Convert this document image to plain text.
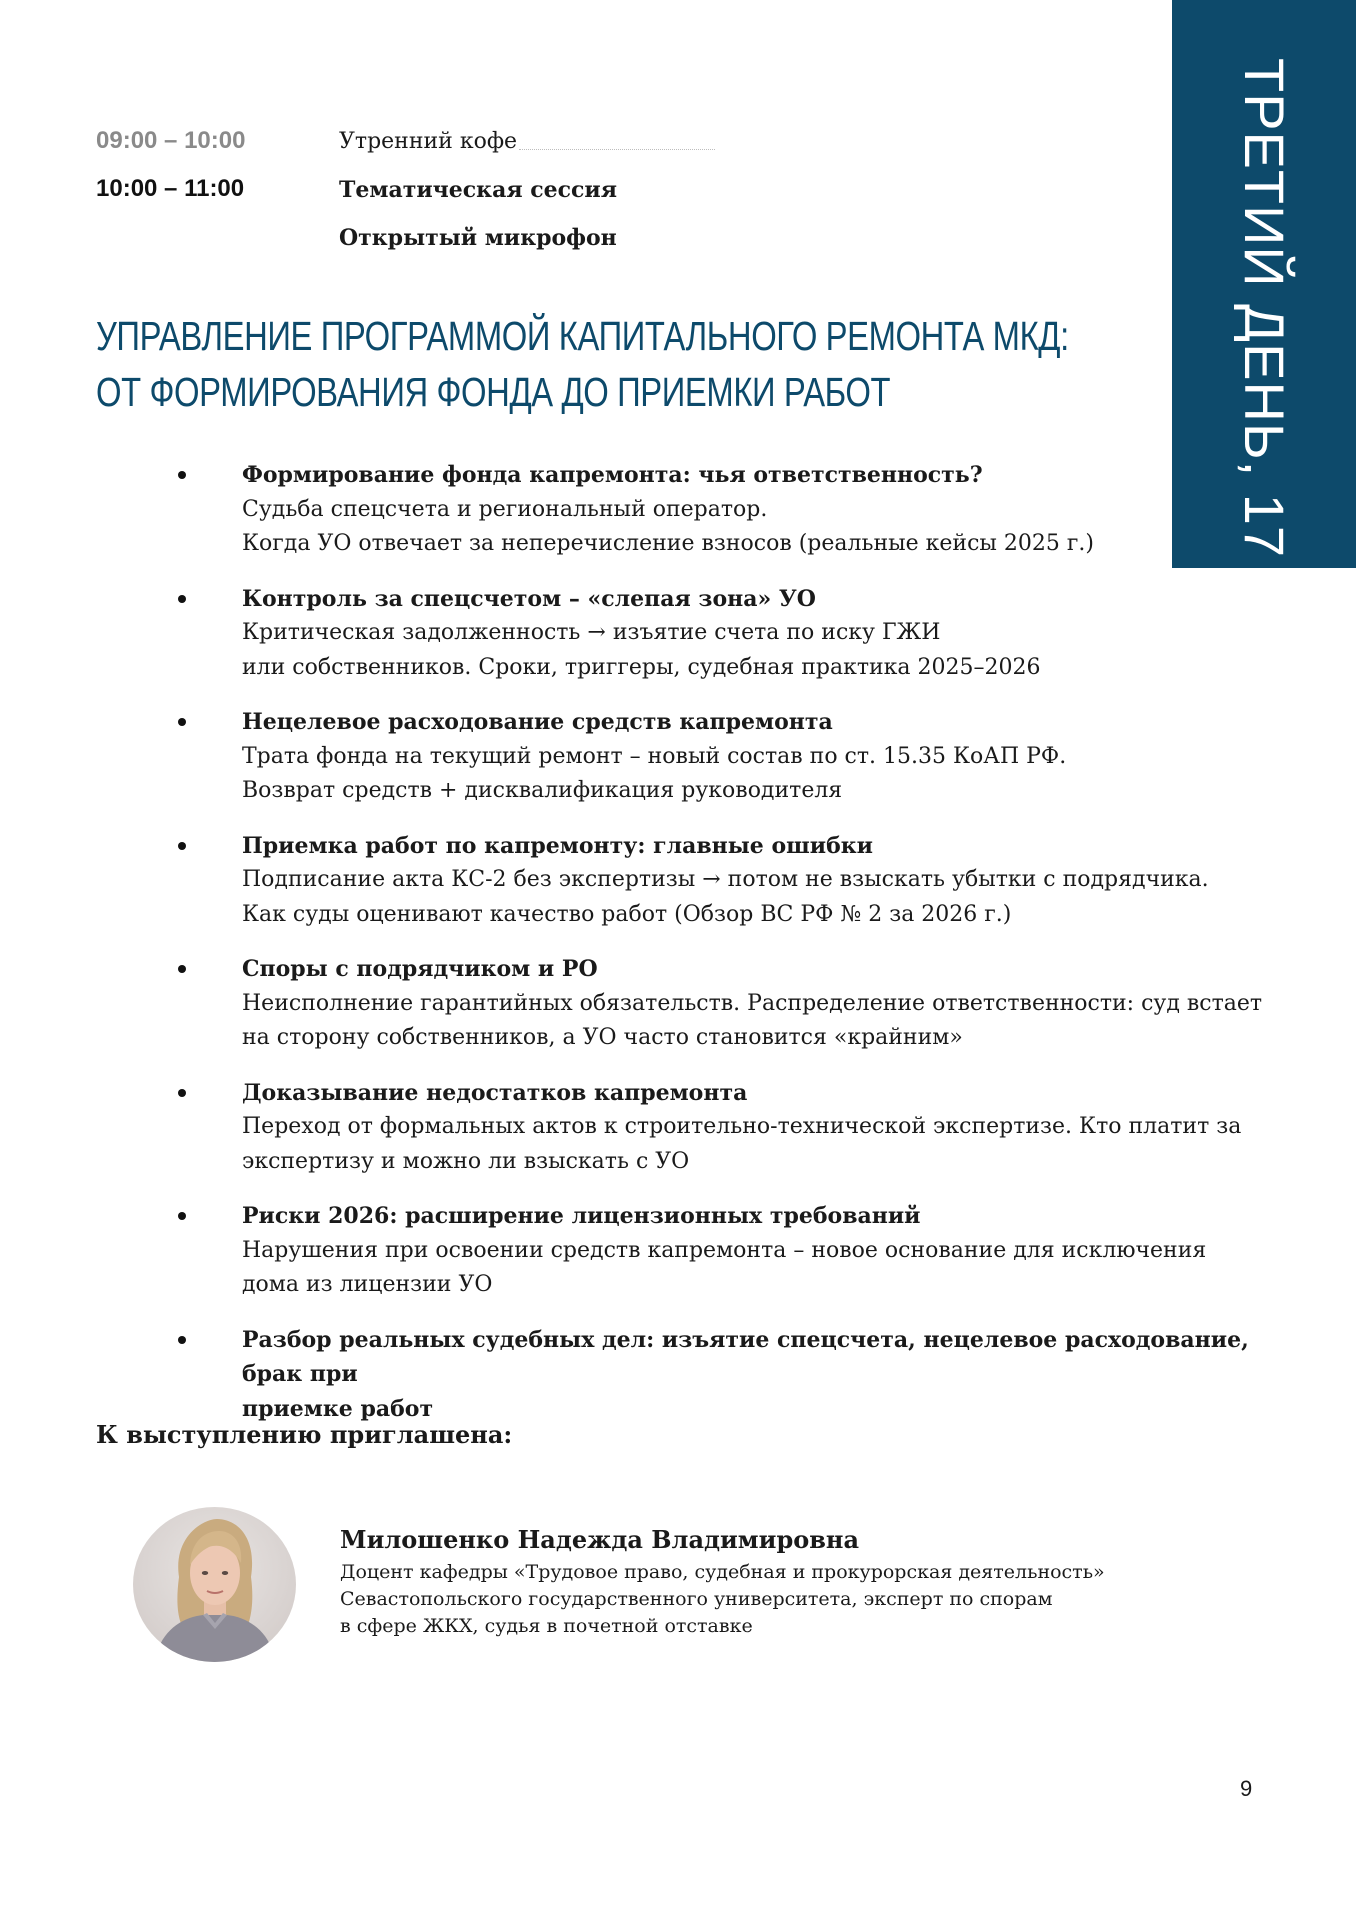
ТРЕТИЙ ДЕНЬ, 17 ИЮЛЯ
09:00 – 10:00	Утренний кофе
10:00 – 11:00	Тематическая сессия
Открытый микрофон
УПРАВЛЕНИЕ ПРОГРАММОЙ КАПИТАЛЬНОГО РЕМОНТА МКД:
ОТ ФОРМИРОВАНИЯ ФОНДА ДО ПРИЕМКИ РАБОТ
Формирование фонда капремонта: чья ответственность?
Судьба спецсчета и региональный оператор.
Когда УО отвечает за неперечисление взносов (реальные кейсы 2025 г.)
Контроль за спецсчетом – «слепая зона» УО
Критическая задолженность → изъятие счета по иску ГЖИ
или собственников. Сроки, триггеры, судебная практика 2025–2026
Нецелевое расходование средств капремонта
Трата фонда на текущий ремонт – новый состав по ст. 15.35 КоАП РФ.
Возврат средств + дисквалификация руководителя
Приемка работ по капремонту: главные ошибки
Подписание акта КС-2 без экспертизы → потом не взыскать убытки с подрядчика.
Как суды оценивают качество работ (Обзор ВС РФ № 2 за 2026 г.)
Споры с подрядчиком и РО
Неисполнение гарантийных обязательств. Распределение ответственности: суд встает
на сторону собственников, а УО часто становится «крайним»
Доказывание недостатков капремонта
Переход от формальных актов к строительно-технической экспертизе. Кто платит за
экспертизу и можно ли взыскать с УО
Риски 2026: расширение лицензионных требований
Нарушения при освоении средств капремонта – новое основание для исключения
дома из лицензии УО
Разбор реальных судебных дел: изъятие спецсчета, нецелевое расходование, брак при
приемке работ
К выступлению приглашена:
Милошенко Надежда Владимировна
Доцент кафедры «Трудовое право, судебная и прокурорская деятельность»
Севастопольского государственного университета, эксперт по спорам
в сфере ЖКХ, судья в почетной отставке
9
